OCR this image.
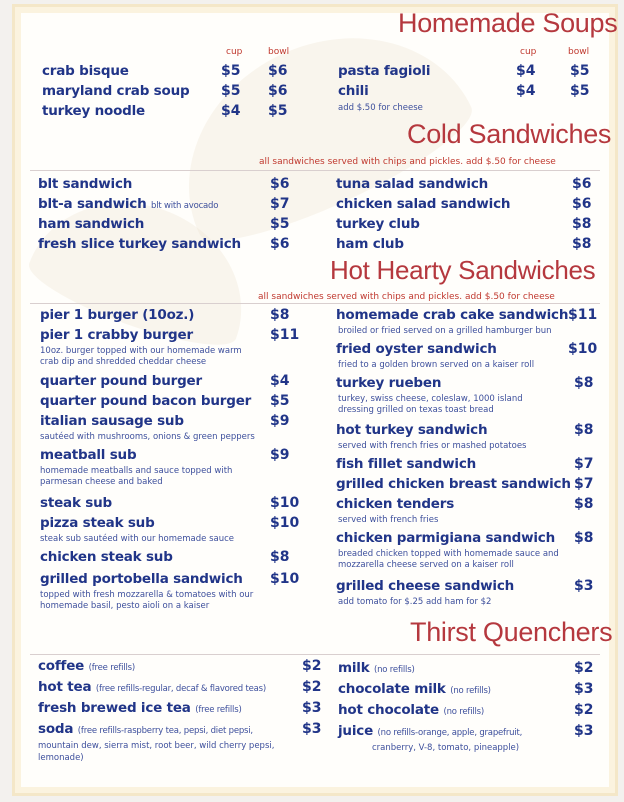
Homemade Soups
cup	bowl	cup	bowl
crab bisque	$5 $6
maryland crab soup $5 $6
turkey noodle	$4 $5
pasta fagioli	$4 $5
chili	$4 $5
add $.50 for cheese
Cold Sandwiches
all sandwiches served with chips and pickles. add $.50 for cheese
blt sandwich	$6
blt-a sandwich blt with avocado	$7
ham sandwich	$5
fresh slice turkey sandwich $6
tuna salad sandwich	$6
chicken salad sandwich	$6
turkey club	$8
ham club	$8
Hot Hearty Sandwiches
all sandwiches served with chips and pickles. add $.50 for cheese
pier 1 burger (10oz.)	$8
pier 1 crabby burger	$11
10oz. burger topped with our homemade warm
crab dip and shredded cheddar cheese
quarter pound burger	$4
quarter pound bacon burger $5
italian sausage sub	$9
sautéed with mushrooms, onions & green peppers
meatball sub	$9
homemade meatballs and sauce topped with
parmesan cheese and baked
steak sub	$10
pizza steak sub	$10
steak sub sautéed with our homemade sauce
chicken steak sub	$8
grilled portobella sandwich $10
topped with fresh mozzarella & tomatoes with our
homemade basil, pesto aioli on a kaiser
homemade crab cake sandwich $11
broiled or fried served on a grilled hamburger bun
fried oyster sandwich	$10
fried to a golden brown served on a kaiser roll
turkey rueben	$8
turkey, swiss cheese, coleslaw, 1000 island
dressing grilled on texas toast bread
hot turkey sandwich	$8
served with french fries or mashed potatoes
fish fillet sandwich	$7
grilled chicken breast sandwich $7
chicken tenders	$8
served with french fries
chicken parmigiana sandwich $8
breaded chicken topped with homemade sauce and
mozzarella cheese served on a kaiser roll
grilled cheese sandwich	$3
add tomato for $.25 add ham for $2
Thirst Quenchers
coffee (free refills)	$2
hot tea (free refills-regular, decaf & flavored teas)	$2
fresh brewed ice tea (free refills)	$3
soda (free refills-raspberry tea, pepsi, diet pepsi,	$3
mountain dew, sierra mist, root beer, wild cherry pepsi,
lemonade)
milk (no refills)	$2
chocolate milk (no refills)	$3
hot chocolate (no refills)	$2
juice (no refills-orange, apple, grapefruit,	$3
cranberry, V-8, tomato, pineapple)
